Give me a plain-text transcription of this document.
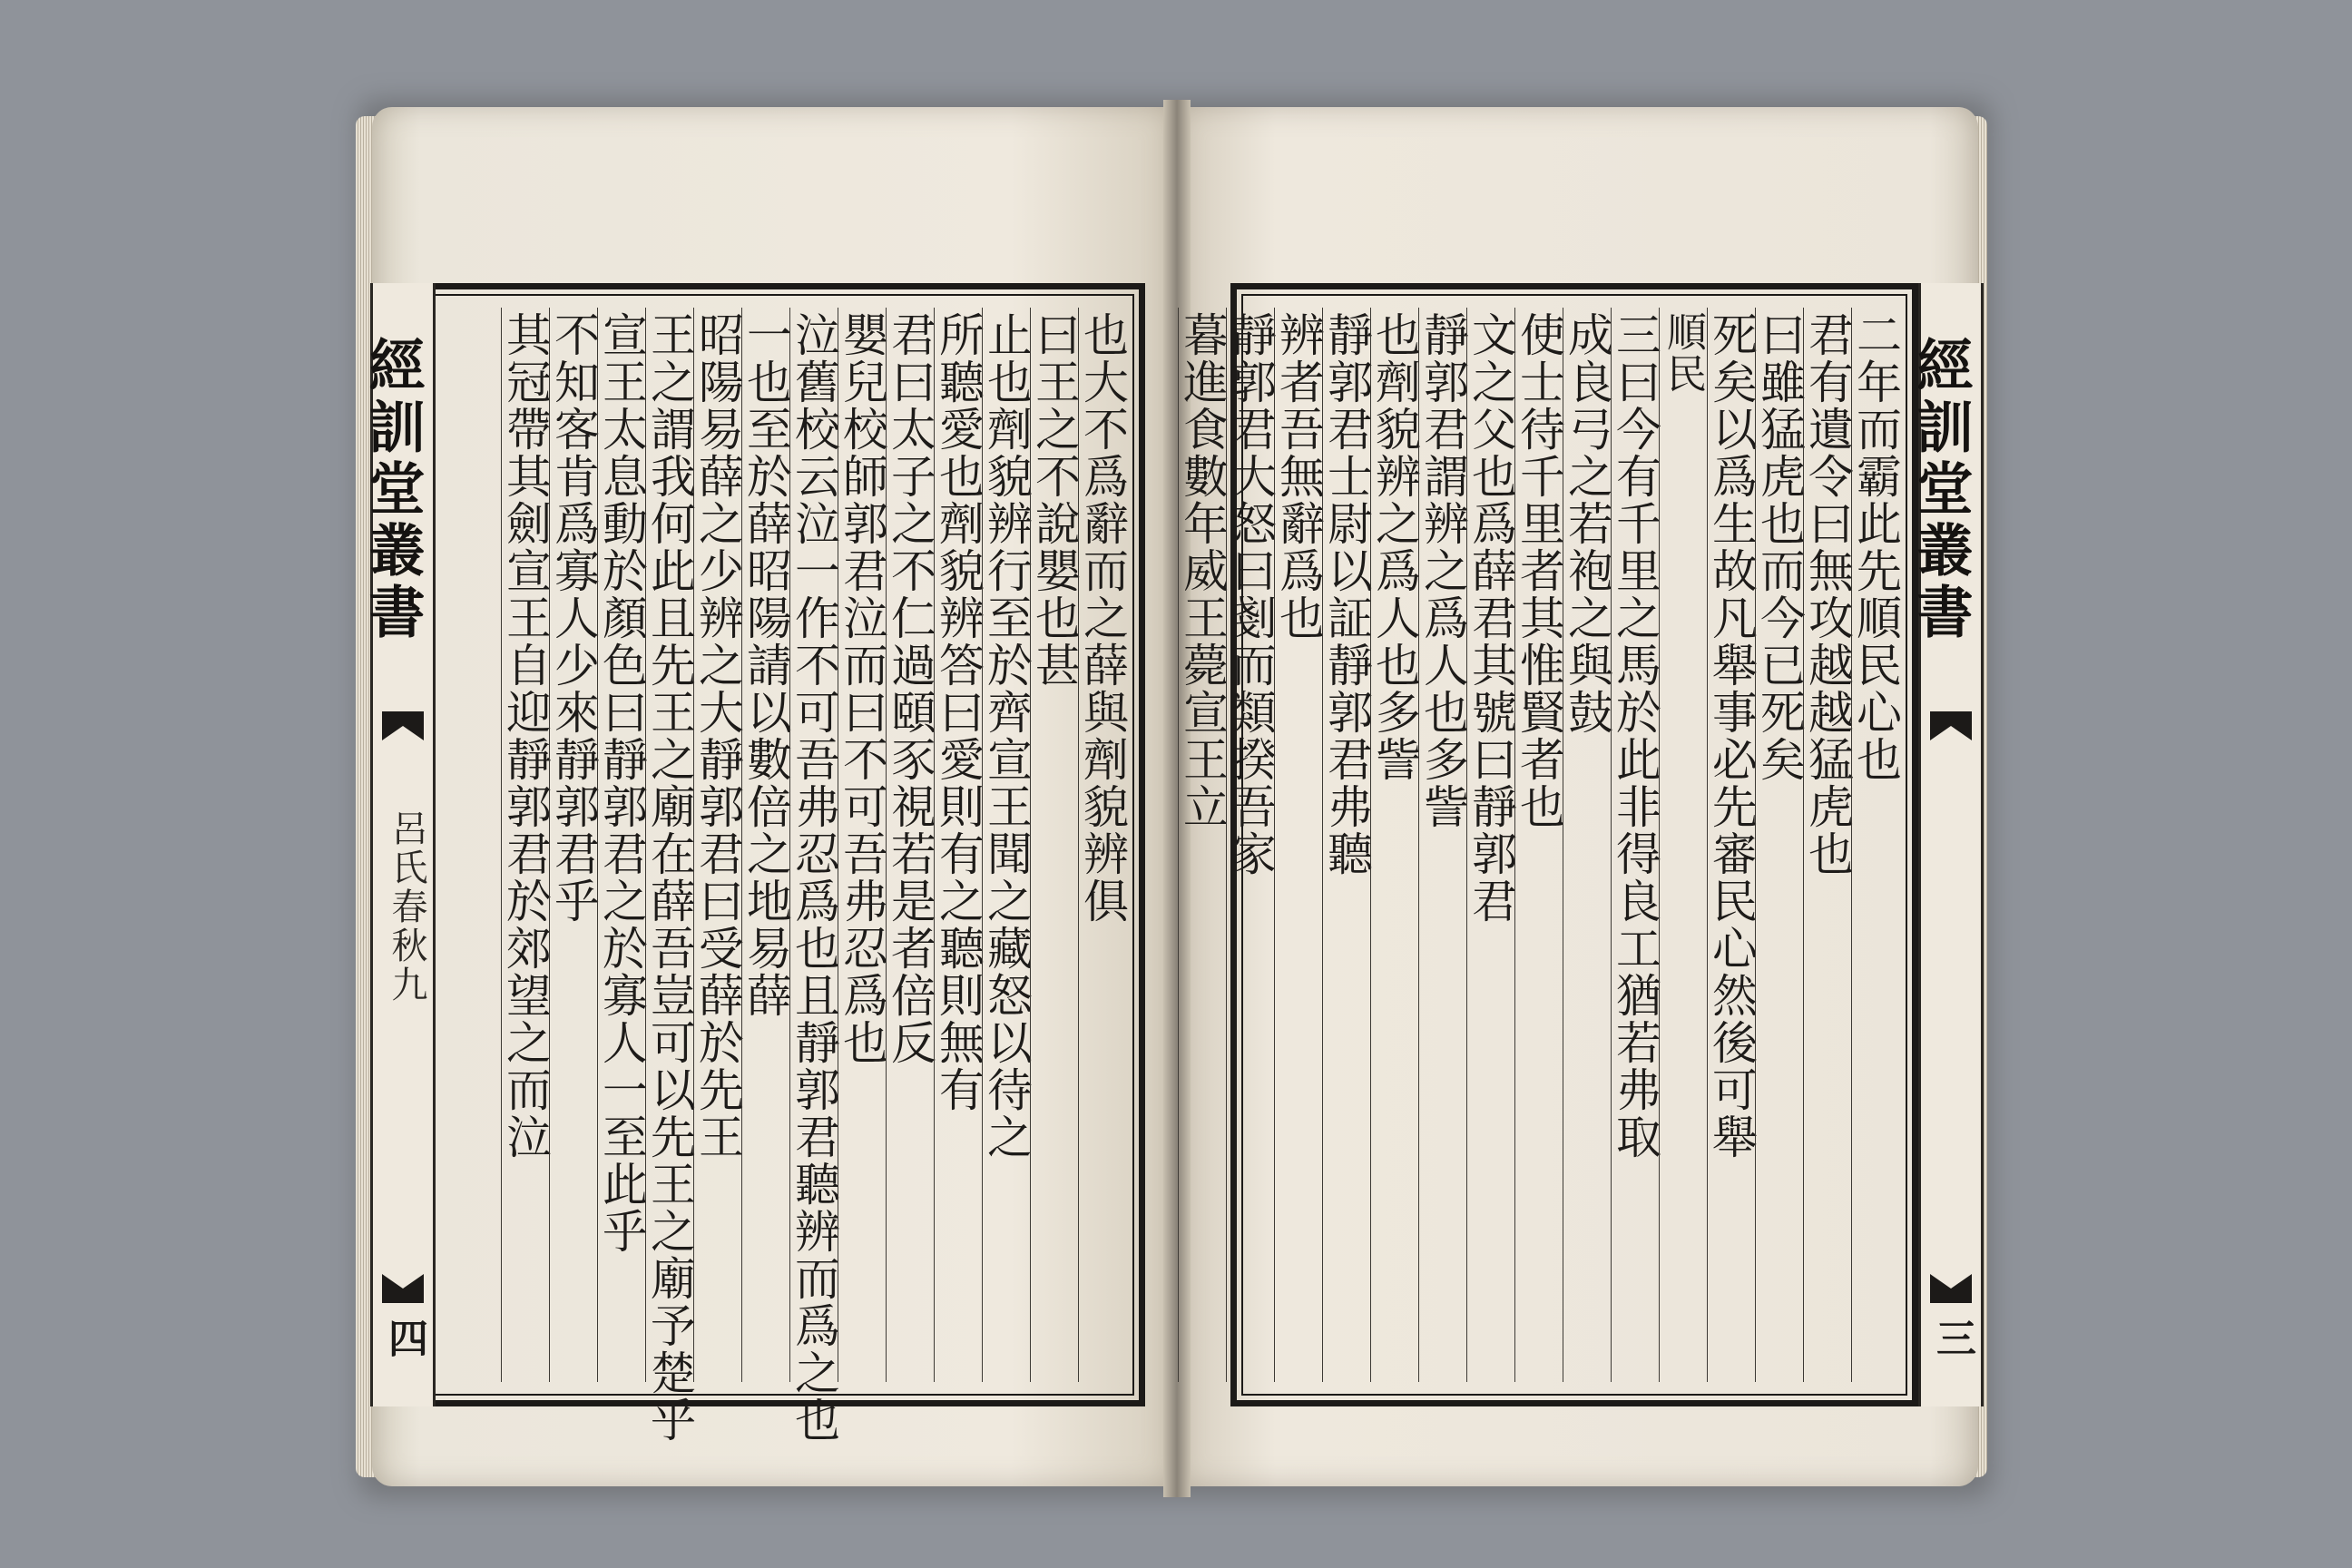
也大不爲辭而之薛與劑貌辨俱
曰王之不說嬰也甚
止也劑貌辨行至於齊宣王聞之藏怒以待之
所聽愛也劑貌辨答曰愛則有之聽則無有
君曰太子之不仁過頤豕視若是者倍反
嬰兒校師郭君泣而曰不可吾弗忍爲也
泣舊校云泣一作不可吾弗忍爲也且靜郭君聽辨而爲之也
一也至於薛昭陽請以數倍之地易薛
昭陽易薛之少辨之大靜郭君曰受薛於先王
王之謂我何此且先王之廟在薛吾豈可以先王之廟予楚乎
宣王太息動於顏色曰靜郭君之於寡人一至此乎
不知客肯爲寡人少來靜郭君乎
其冠帶其劍宣王自迎靜郭君於郊望之而泣
經訓堂叢書
呂氏春秋九
四
二年而霸此先順民心也
君有遺令曰無攻越越猛虎也
曰雖猛虎也而今已死矣
死矣以爲生故凡舉事必先審民心然後可舉
順民
三曰今有千里之馬於此非得良工猶若弗取
成良弓之若袍之與鼓
使士待千里者其惟賢者也
文之父也爲薛君其號曰靜郭君
靜郭君謂辨之爲人也多訾
也劑貌辨之爲人也多訾
靜郭君士尉以証靜郭君弗聽
辨者吾無辭爲也
靜郭君大怒曰剗而類揆吾家
暮進食數年威王薨宣王立	經訓堂叢書
三
